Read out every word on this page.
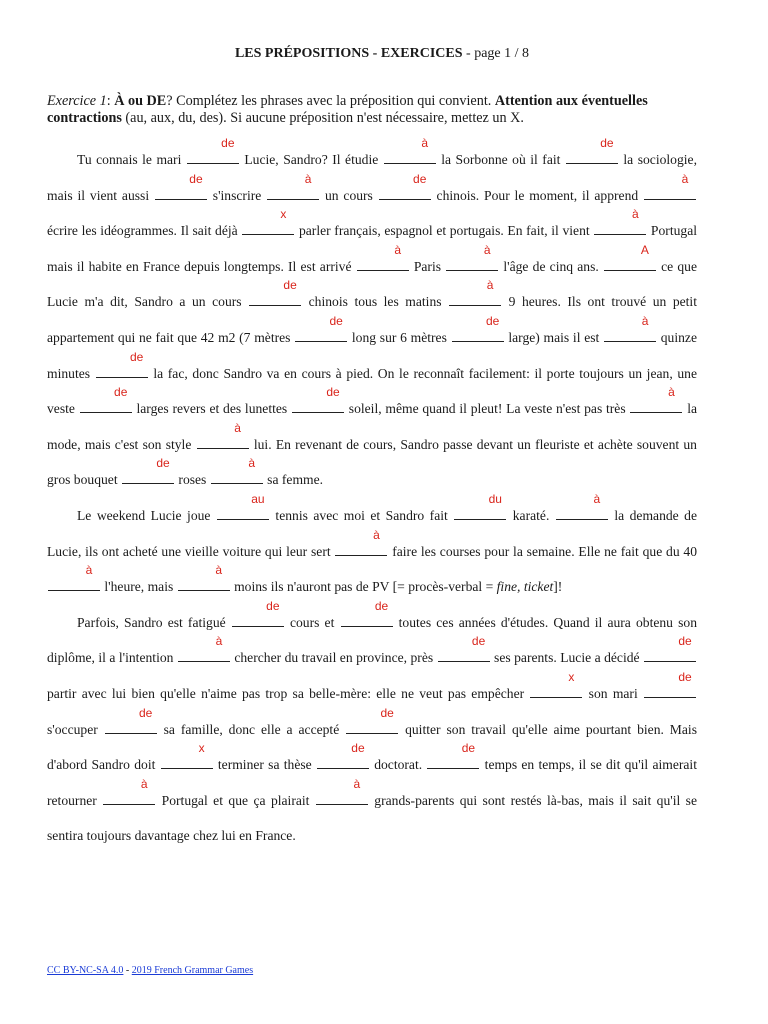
LES PRÉPOSITIONS - EXERCICES - page 1 / 8
Exercice 1: À ou DE? Complétez les phrases avec la préposition qui convient. Attention aux éventuelles contractions (au, aux, du, des). Si aucune préposition n'est nécessaire, mettez un X.

Tu connais le mari
de
Lucie, Sandro? Il étudie
à
la Sorbonne où il fait
de
la sociologie, mais il vient aussi
de
s'inscrire
à
un cours
de
chinois. Pour le moment, il apprend
à
écrire les idéogrammes. Il sait déjà
x
parler français, espagnol et portugais. En fait, il vient
à
Portugal mais il habite en France depuis longtemps. Il est arrivé
à
Paris
à
l'âge de cinq ans.
A
ce que Lucie m'a dit, Sandro a un cours
de
chinois tous les matins
à
9 heures. Ils ont trouvé un petit appartement qui ne fait que 42 m2 (7 mètres
de
long sur 6 mètres
de
large) mais il est
à
quinze minutes
de
la fac, donc Sandro va en cours à pied. On le reconnaît facilement: il porte toujours un jean, une veste
de
larges revers et des lunettes
de
soleil, même quand il pleut! La veste n'est pas très
à
la mode, mais c'est son style
à
lui. En revenant de cours, Sandro passe devant un fleuriste et achète souvent un gros bouquet
de
roses
à
sa femme.

Le weekend Lucie joue
au
tennis avec moi et Sandro fait
du
karaté.
à
la demande de Lucie, ils ont acheté une vieille voiture qui leur sert
à
faire les courses pour la semaine. Elle ne fait que du 40
à
l'heure, mais
à
moins ils n'auront pas de PV [= procès-verbal = fine, ticket]!

Parfois, Sandro est fatigué
de
cours et
de
toutes ces années d'études. Quand il aura obtenu son diplôme, il a l'intention
à
chercher du travail en province, près
de
ses parents. Lucie a décidé
de
partir avec lui bien qu'elle n'aime pas trop sa belle-mère: elle ne veut pas empêcher
x
son mari
de
s'occuper
de
sa famille, donc elle a accepté
de
quitter son travail qu'elle aime pourtant bien. Mais d'abord Sandro doit
x
terminer sa thèse
de
doctorat.
de
temps en temps, il se dit qu'il aimerait retourner
à
Portugal et que ça plairait
à
grands-parents qui sont restés là-bas, mais il sait qu'il se sentira toujours davantage chez lui en France.

CC BY-NC-SA 4.0 - 2019 French Grammar Games
